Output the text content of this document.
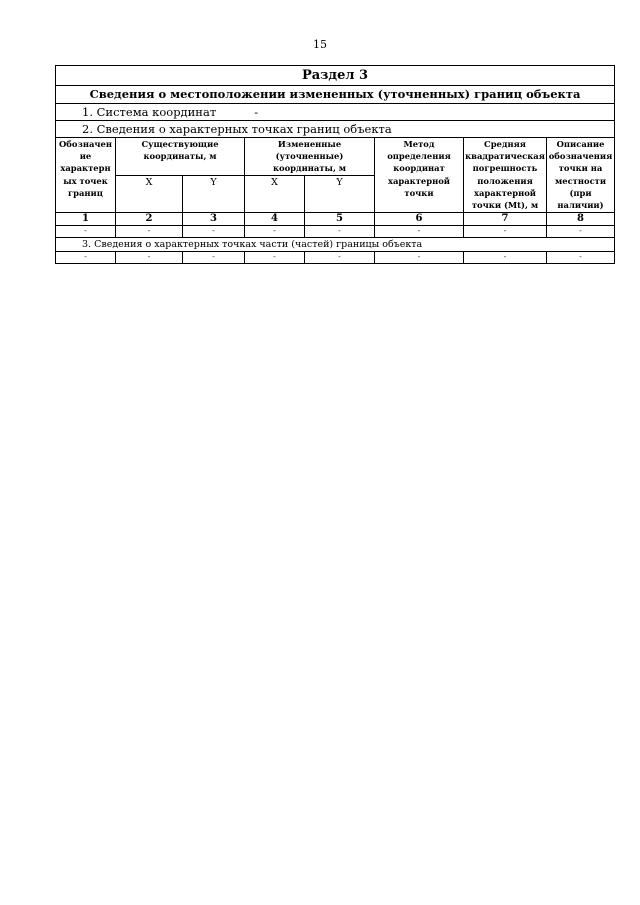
15
Раздел 3							
Сведения о местоположении измененных (уточненных) границ объекта							
1. Система координат -							
2. Сведения о характерных точках границ объекта							
Обозначен ие характерн ых точек границ	Существующие координаты, м		Измененные (уточненные) координаты, м		Метод определения координат характерной точки	Средняя квадратическая погрешность положения характерной точки (Mt), м	Описание обозначения точки на местности (при наличии)
	X	Y	X	Y			
1	2	3	4	5	6	7	8
-	-	-	-	-	-	-	-
3. Сведения о характерных точках части (частей) границы объекта							
-	-	-	-	-	-	-	-
